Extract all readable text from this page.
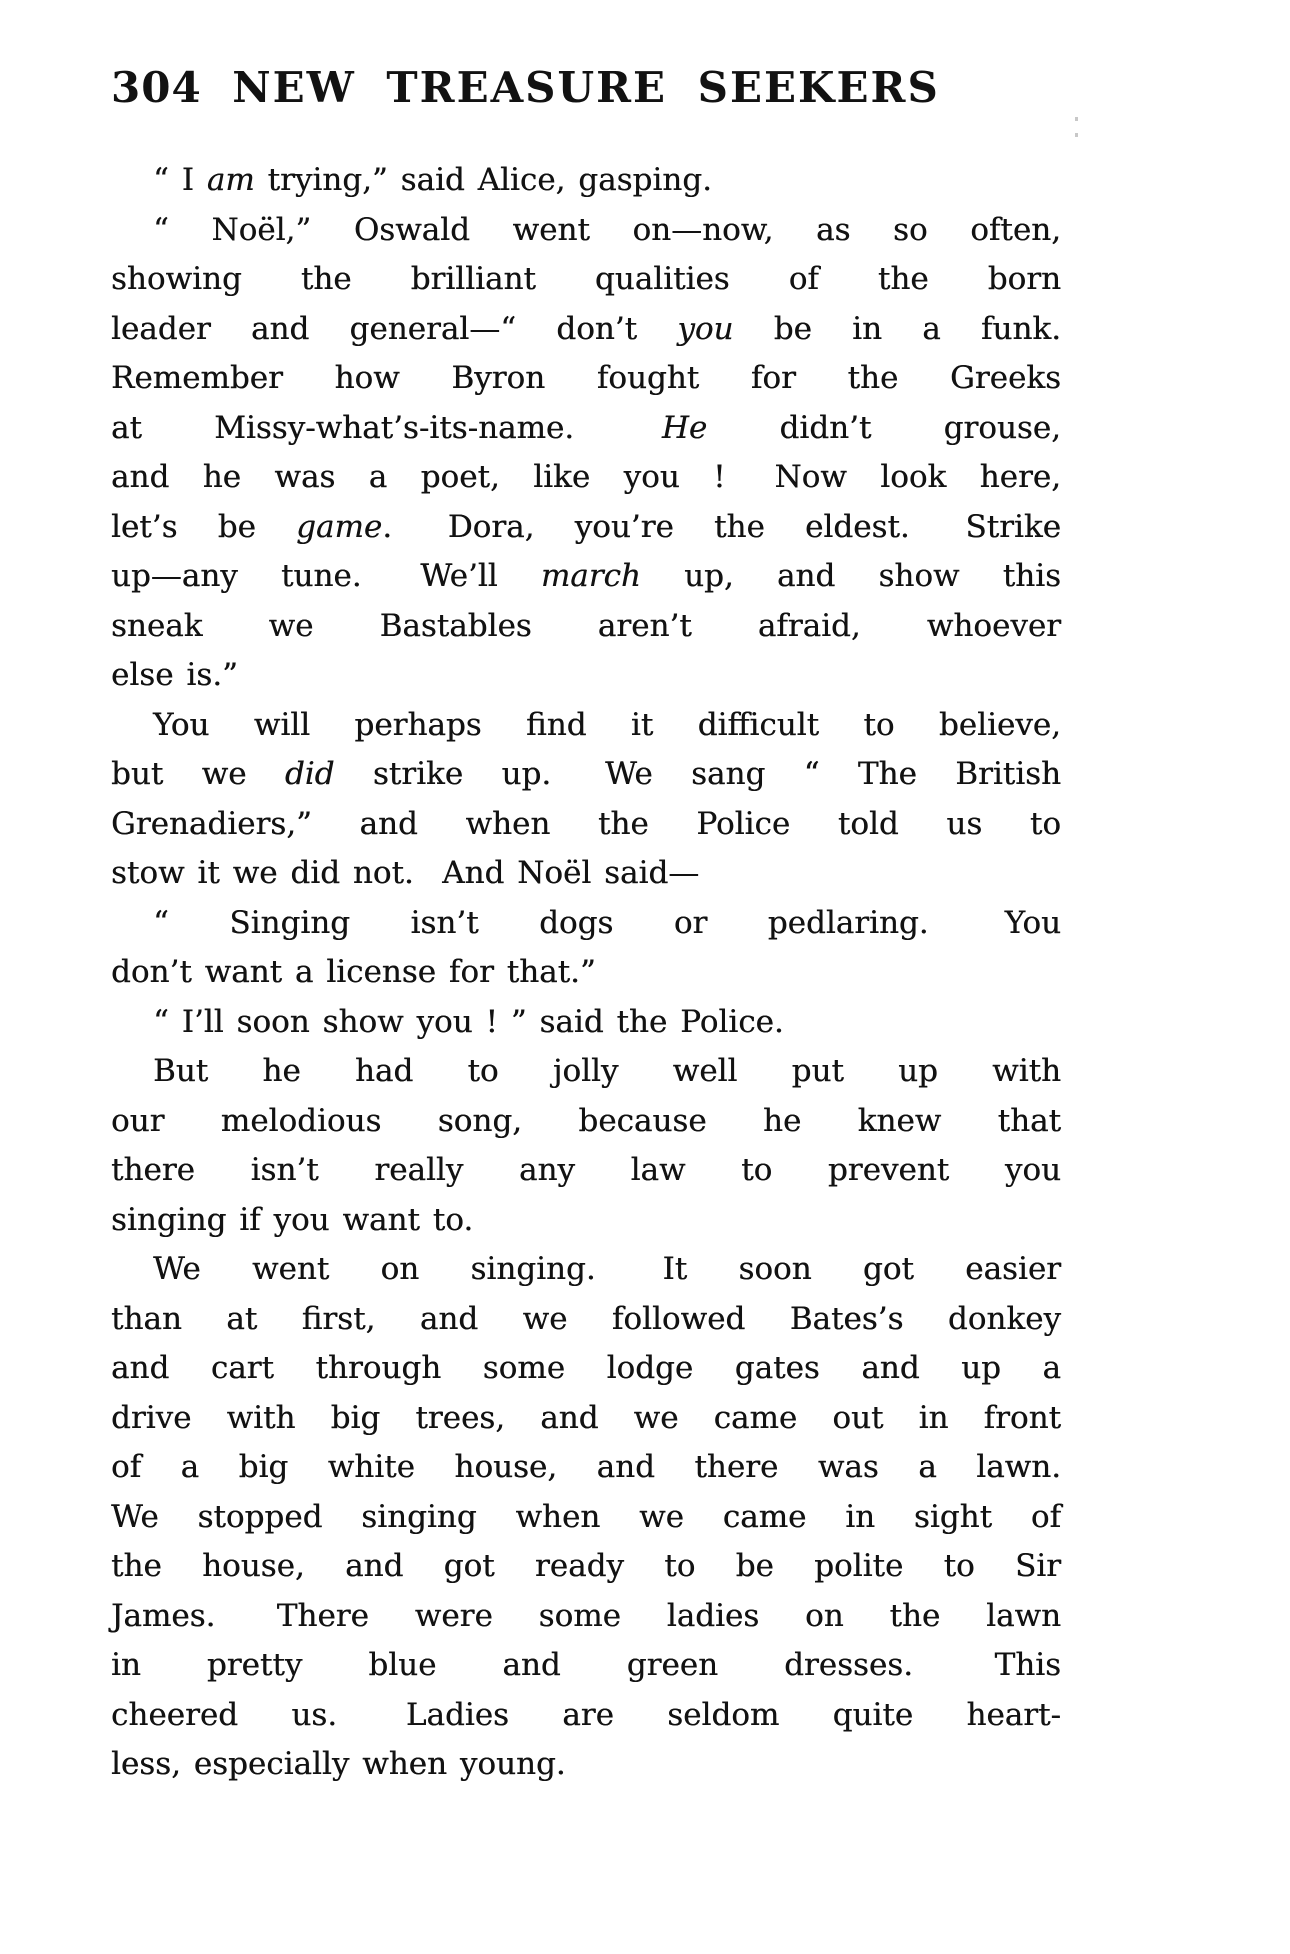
304 NEW TREASURE SEEKERS
“ I am trying,” said Alice, gasping.
“ Noël,” Oswald went on—now, as so often,
showing the brilliant qualities of the born
leader and general—“ don’t you be in a funk.
Remember how Byron fought for the Greeks
at Missy-what’s-its-name.  He didn’t grouse,
and he was a poet, like you !  Now look here,
let’s be game.  Dora, you’re the eldest.  Strike
up—any tune.  We’ll march up, and show this
sneak we Bastables aren’t afraid, whoever
else is.”
You will perhaps find it difficult to believe,
but we did strike up.  We sang “ The British
Grenadiers,” and when the Police told us to
stow it we did not.  And Noël said—
“ Singing isn’t dogs or pedlaring.  You
don’t want a license for that.”
“ I’ll soon show you ! ” said the Police.
But he had to jolly well put up with
our melodious song, because he knew that
there isn’t really any law to prevent you
singing if you want to.
We went on singing.  It soon got easier
than at first, and we followed Bates’s donkey
and cart through some lodge gates and up a
drive with big trees, and we came out in front
of a big white house, and there was a lawn.
We stopped singing when we came in sight of
the house, and got ready to be polite to Sir
James.  There were some ladies on the lawn
in pretty blue and green dresses.  This
cheered us.  Ladies are seldom quite heart-
less, especially when young.
